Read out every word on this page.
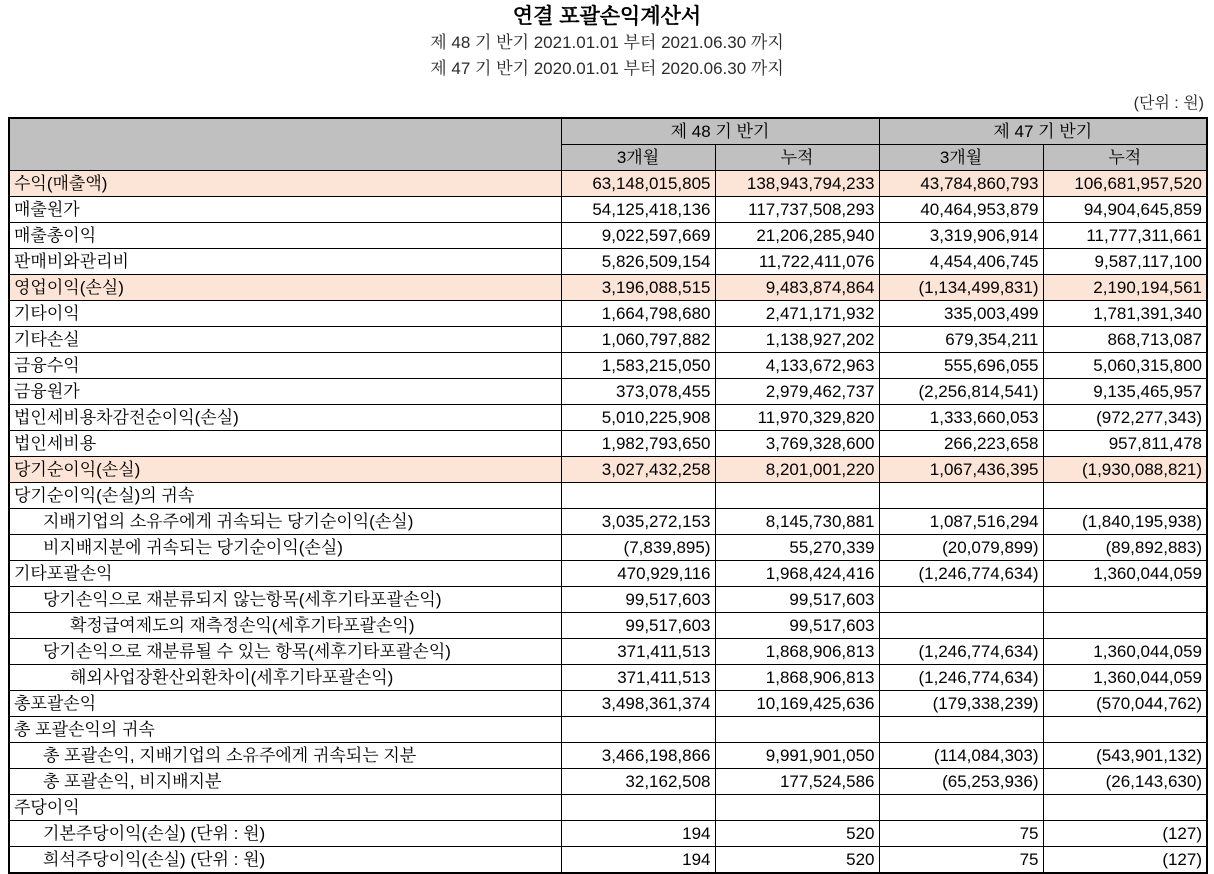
연결 포괄손익계산서
제 48 기 반기 2021.01.01 부터 2021.06.30 까지
제 47 기 반기 2020.01.01 부터 2020.06.30 까지
(단위 : 원)
	제 48 기 반기		제 47 기 반기	
	3개월	누적	3개월	누적
수익(매출액)	63,148,015,805	138,943,794,233	43,784,860,793	106,681,957,520
매출원가	54,125,418,136	117,737,508,293	40,464,953,879	94,904,645,859
매출총이익	9,022,597,669	21,206,285,940	3,319,906,914	11,777,311,661
판매비와관리비	5,826,509,154	11,722,411,076	4,454,406,745	9,587,117,100
영업이익(손실)	3,196,088,515	9,483,874,864	(1,134,499,831)	2,190,194,561
기타이익	1,664,798,680	2,471,171,932	335,003,499	1,781,391,340
기타손실	1,060,797,882	1,138,927,202	679,354,211	868,713,087
금융수익	1,583,215,050	4,133,672,963	555,696,055	5,060,315,800
금융원가	373,078,455	2,979,462,737	(2,256,814,541)	9,135,465,957
법인세비용차감전순이익(손실)	5,010,225,908	11,970,329,820	1,333,660,053	(972,277,343)
법인세비용	1,982,793,650	3,769,328,600	266,223,658	957,811,478
당기순이익(손실)	3,027,432,258	8,201,001,220	1,067,436,395	(1,930,088,821)
당기순이익(손실)의 귀속				
지배기업의 소유주에게 귀속되는 당기순이익(손실)	3,035,272,153	8,145,730,881	1,087,516,294	(1,840,195,938)
비지배지분에 귀속되는 당기순이익(손실)	(7,839,895)	55,270,339	(20,079,899)	(89,892,883)
기타포괄손익	470,929,116	1,968,424,416	(1,246,774,634)	1,360,044,059
당기손익으로 재분류되지 않는항목(세후기타포괄손익)	99,517,603	99,517,603		
확정급여제도의 재측정손익(세후기타포괄손익)	99,517,603	99,517,603		
당기손익으로 재분류될 수 있는 항목(세후기타포괄손익)	371,411,513	1,868,906,813	(1,246,774,634)	1,360,044,059
해외사업장환산외환차이(세후기타포괄손익)	371,411,513	1,868,906,813	(1,246,774,634)	1,360,044,059
총포괄손익	3,498,361,374	10,169,425,636	(179,338,239)	(570,044,762)
총 포괄손익의 귀속				
총 포괄손익, 지배기업의 소유주에게 귀속되는 지분	3,466,198,866	9,991,901,050	(114,084,303)	(543,901,132)
총 포괄손익, 비지배지분	32,162,508	177,524,586	(65,253,936)	(26,143,630)
주당이익				
기본주당이익(손실) (단위 : 원)	194	520	75	(127)
희석주당이익(손실) (단위 : 원)	194	520	75	(127)
